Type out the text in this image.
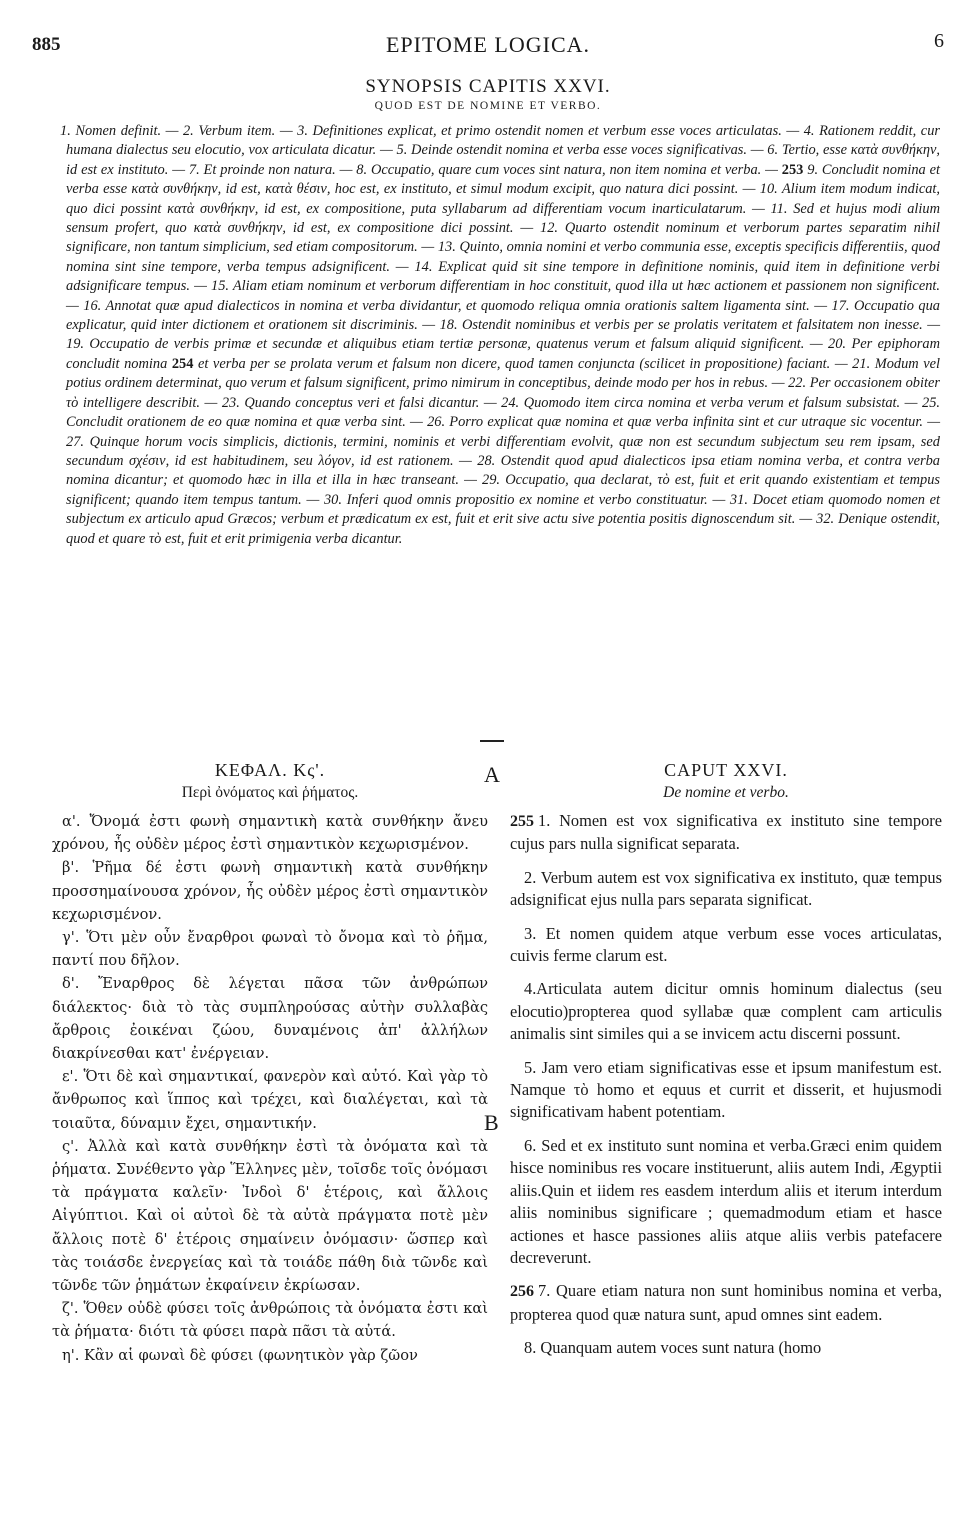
885	EPITOME LOGICA.	6
SYNOPSIS CAPITIS XXVI.
QUOD EST DE NOMINE ET VERBO.

1. Nomen definit. — 2. Verbum item. — 3. Definitiones explicat, et primo ostendit nomen et verbum esse voces articulatas. — 4. Rationem reddit, cur humana dialectus seu elocutio, vox articulata dicatur. — 5. Deinde ostendit nomina et verba esse voces significativas. — 6. Tertio, esse κατὰ συνθήκην, id est ex instituto. — 7. Et proinde non natura. — 8. Occupatio, quare cum voces sint natura, non item nomina et verba. — 253 9. Concludit nomina et verba esse κατὰ συνθήκην, id est, κατὰ θέσιν, hoc est, ex instituto, et simul modum excipit, quo natura dici possint. — 10. Alium item modum indicat, quo dici possint κατὰ συνθήκην, id est, ex compositione, puta syllabarum ad differentiam vocum inarticulatarum. — 11. Sed et hujus modi alium sensum profert, quo κατὰ συνθήκην, id est, ex compositione dici possint. — 12. Quarto ostendit nominum et verborum partes separatim nihil significare, non tantum simplicium, sed etiam compositorum. — 13. Quinto, omnia nomini et verbo communia esse, exceptis specificis differentiis, quod nomina sint sine tempore, verba tempus adsignificent. — 14. Explicat quid sit sine tempore in definitione nominis, quid item in definitione verbi adsignificare tempus. — 15. Aliam etiam nominum et verborum differentiam in hoc constituit, quod illa ut hæc actionem et passionem non significent. — 16. Annotat quæ apud dialecticos in nomina et verba dividantur, et quomodo reliqua omnia orationis saltem ligamenta sint. — 17. Occupatio qua explicatur, quid inter dictionem et orationem sit discriminis. — 18. Ostendit nominibus et verbis per se prolatis veritatem et falsitatem non inesse. — 19. Occupatio de verbis primæ et secundæ et aliquibus etiam tertiæ personæ, quatenus verum et falsum aliquid significent. — 20. Per epiphoram concludit nomina 254 et verba per se prolata verum et falsum non dicere, quod tamen conjuncta (scilicet in propositione) faciant. — 21. Modum vel potius ordinem determinat, quo verum et falsum significent, primo nimirum in conceptibus, deinde modo per hos in rebus. — 22. Per occasionem obiter τὸ intelligere describit. — 23. Quando conceptus veri et falsi dicantur. — 24. Quomodo item circa nomina et verba verum et falsum subsistat. — 25. Concludit orationem de eo quæ nomina et quæ verba sint. — 26. Porro explicat quæ nomina et quæ verba infinita sint et cur utraque sic vocentur. — 27. Quinque horum vocis simplicis, dictionis, termini, nominis et verbi differentiam evolvit, quæ non est secundum subjectum seu rem ipsam, sed secundum σχέσιν, id est habitudinem, seu λόγον, id est rationem. — 28. Ostendit quod apud dialecticos ipsa etiam nomina verba, et contra verba nomina dicantur; et quomodo hæc in illa et illa in hæc transeant. — 29. Occupatio, qua declarat, τὸ est, fuit et erit quando existentiam et tempus significent; quando item tempus tantum. — 30. Inferi quod omnis propositio ex nomine et verbo constituatur. — 31. Docet etiam quomodo nomen et subjectum ex articulo apud Græcos; verbum et prædicatum ex est, fuit et erit sive actu sive potentia positis dignoscendum sit. — 32. Denique ostendit, quod et quare τὸ est, fuit et erit primigenia verba dicantur.

A
B
ΚΕΦΑΛ. Κς'.
Περὶ ὀνόματος καὶ ῥήματος.

α'. Ὄνομά ἐστι φωνὴ σημαντικὴ κατὰ συνθήκην ἄνευ χρόνου, ἧς οὐδὲν μέρος ἐστὶ σημαντικὸν κεχωρισμένον.

β'. Ῥῆμα δέ ἐστι φωνὴ σημαντικὴ κατὰ συνθήκην προσσημαίνουσα χρόνον, ἧς οὐδὲν μέρος ἐστὶ σημαντικὸν κεχωρισμένον.

γ'. Ὅτι μὲν οὖν ἔναρθροι φωναὶ τὸ ὄνομα καὶ τὸ ῥῆμα, παντί που δῆλον.

δ'. Ἔναρθρος δὲ λέγεται πᾶσα τῶν ἀνθρώπων διάλεκτος· διὰ τὸ τὰς συμπληρούσας αὐτὴν συλλαβὰς ἄρθροις ἐοικέναι ζώου, δυναμένοις ἀπ' ἀλλήλων διακρίνεσθαι κατ' ἐνέργειαν.

ε'. Ὅτι δὲ καὶ σημαντικαί, φανερὸν καὶ αὐτό. Καὶ γὰρ τὸ ἄνθρωπος καὶ ἵππος καὶ τρέχει, καὶ διαλέγεται, καὶ τὰ τοιαῦτα, δύναμιν ἔχει, σημαντικήν.

ς'. Ἀλλὰ καὶ κατὰ συνθήκην ἐστὶ τὰ ὀνόματα καὶ τὰ ῥήματα. Συνέθεντο γὰρ Ἕλληνες μὲν, τοῖσδε τοῖς ὀνόμασι τὰ πράγματα καλεῖν· Ἰνδοὶ δ' ἑτέροις, καὶ ἄλλοις Αἰγύπτιοι. Καὶ οἱ αὐτοὶ δὲ τὰ αὐτὰ πράγματα ποτὲ μὲν ἄλλοις ποτὲ δ' ἑτέροις σημαίνειν ὀνόμασιν· ὥσπερ καὶ τὰς τοιάσδε ἐνεργείας καὶ τὰ τοιάδε πάθη διὰ τῶνδε καὶ τῶνδε τῶν ῥημάτων ἐκφαίνειν ἐκρίωσαν.

ζ'. Ὅθεν οὐδὲ φύσει τοῖς ἀνθρώποις τὰ ὀνόματα ἐστι καὶ τὰ ῥήματα· διότι τὰ φύσει παρὰ πᾶσι τὰ αὐτά.

η'. Κἂν αἱ φωναὶ δὲ φύσει (φωνητικὸν γὰρ ζῶον

CAPUT XXVI.
De nomine et verbo.

255 1. Nomen est vox significativa ex instituto sine tempore cujus pars nulla significat separata.

2. Verbum autem est vox significativa ex instituto, quæ tempus adsignificat ejus nulla pars separata significat.

3. Et nomen quidem atque verbum esse voces articulatas, cuivis ferme clarum est.

4.Articulata autem dicitur omnis hominum dialectus (seu elocutio)propterea quod syllabæ quæ complent cam articulis animalis sint similes qui a se invicem actu discerni possunt.

5. Jam vero etiam significativas esse et ipsum manifestum est. Namque τὸ homo et equus et currit et disserit, et hujusmodi significativam habent potentiam.

6. Sed et ex instituto sunt nomina et verba.Græci enim quidem hisce nominibus res vocare instituerunt, aliis autem Indi, Ægyptii aliis.Quin et iidem res easdem interdum aliis et iterum interdum aliis nominibus significare ; quemadmodum etiam et hasce actiones et hasce passiones aliis atque aliis verbis patefacere decreverunt.

256 7. Quare etiam natura non sunt hominibus nomina et verba, propterea quod quæ natura sunt, apud omnes sint eadem.

8. Quanquam autem voces sunt natura (homo
